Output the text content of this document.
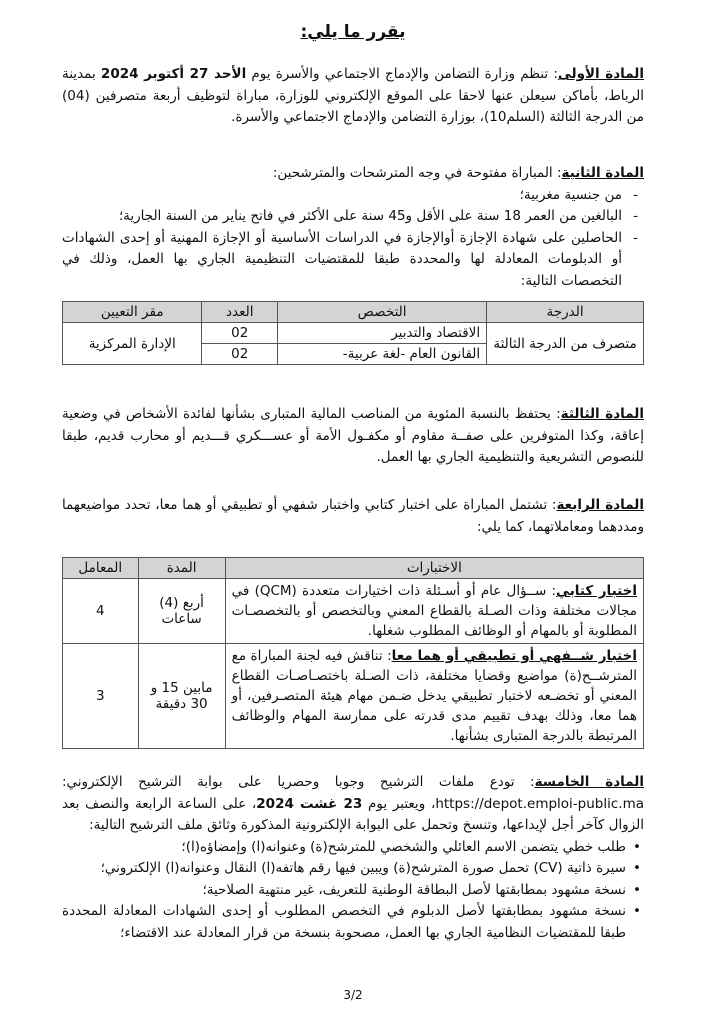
يقرر ما يلي:
المادة الأولى: تنظم وزارة التضامن والإدماج الاجتماعي والأسرة يوم الأحد 27 أكتوبر 2024 بمدينة الرباط، بأماكن سيعلن عنها لاحقا على الموقع الإلكتروني للوزارة، مباراة لتوظيف أربعة متصرفين (04) من الدرجة الثالثة (السلم10)، بوزارة التضامن والإدماج الاجتماعي والأسرة.
المادة الثانية: المباراة مفتوحة في وجه المترشحات والمترشحين:
- من جنسية مغربية؛
- البالغين من العمر 18 سنة على الأقل و45 سنة على الأكثر في فاتح يناير من السنة الجارية؛
- الحاصلين على شهادة الإجازة أوالإجازة في الدراسات الأساسية أو الإجازة المهنية أو إحدى الشهادات أو الدبلومات المعادلة لها والمحددة طبقا للمقتضيات التنظيمية الجاري بها العمل، وذلك في التخصصات التالية:
الدرجة	التخصص	العدد	مقر التعيين
متصرف من الدرجة الثالثة	الاقتصاد والتدبير	02	الإدارة المركزية
	القانون العام -لغة عربية-	02	
المادة الثالثة: يحتفظ بالنسبة المئوية من المناصب المالية المتبارى بشأنها لفائدة الأشخاص في وضعية إعاقة، وكذا المتوفرين على صفــة مقاوم أو مكفـول الأمة أو عســـكري قـــديم أو محارب قديم، طبقا للنصوص التشريعية والتنظيمية الجاري بها العمل.
المادة الرابعة: تشتمل المباراة على اختبار كتابي واختبار شفهي أو تطبيقي أو هما معا، تحدد مواضيعهما ومددهما ومعاملاتهما، كما يلي:
الاختبارات	المدة	المعامل
اختبار كتابي: ســؤال عام أو أسـئلة ذات اختيارات متعددة (QCM) في مجالات مختلفة وذات الصـلة بالقطاع المعني وبالتخصص أو بالتخصصـات المطلوبة أو بالمهام أو الوظائف المطلوب شغلها.	أربع (4) ساعات	4
اختبار شــفهي أو تطبيقي أو هما معا: تناقش فيه لجنة المباراة مع المترشــح(ة) مواضيع وقضايا مختلفة، ذات الصـلة باختصـاصـات القطاع المعني أو تخضـعه لاختبار تطبيقي يدخل ضـمن مهام هيئة المتصـرفين، أو هما معا، وذلك بهدف تقييم مدى قدرته على ممارسة المهام والوظائف المرتبطة بالدرجة المتبارى بشأنها.	مابين 15 و 30 دقيقة	3
المادة الخامسة: تودع ملفات الترشيح وجوبا وحصريا على بوابة الترشيح الإلكتروني: https://depot.emploi-public.ma، ويعتبر يوم 23 غشت 2024، على الساعة الرابعة والنصف بعد الزوال كآخر أجل لإيداعها، وتنسخ وتحمل على البوابة الإلكترونية المذكورة وثائق ملف الترشيح التالية:
• طلب خطي يتضمن الاسم العائلي والشخصي للمترشح(ة) وعنوانه(ا) وإمضاؤه(ا)؛
• سيرة ذاتية (CV) تحمل صورة المترشح(ة) ويبين فيها رقم هاتفه(ا) النقال وعنوانه(ا) الإلكتروني؛
• نسخة مشهود بمطابقتها لأصل البطاقة الوطنية للتعريف، غير منتهية الصلاحية؛
• نسخة مشهود بمطابقتها لأصل الدبلوم في التخصص المطلوب أو إحدى الشهادات المعادلة المحددة طبقا للمقتضيات النظامية الجاري بها العمل، مصحوبة بنسخة من قرار المعادلة عند الاقتضاء؛
3/2
